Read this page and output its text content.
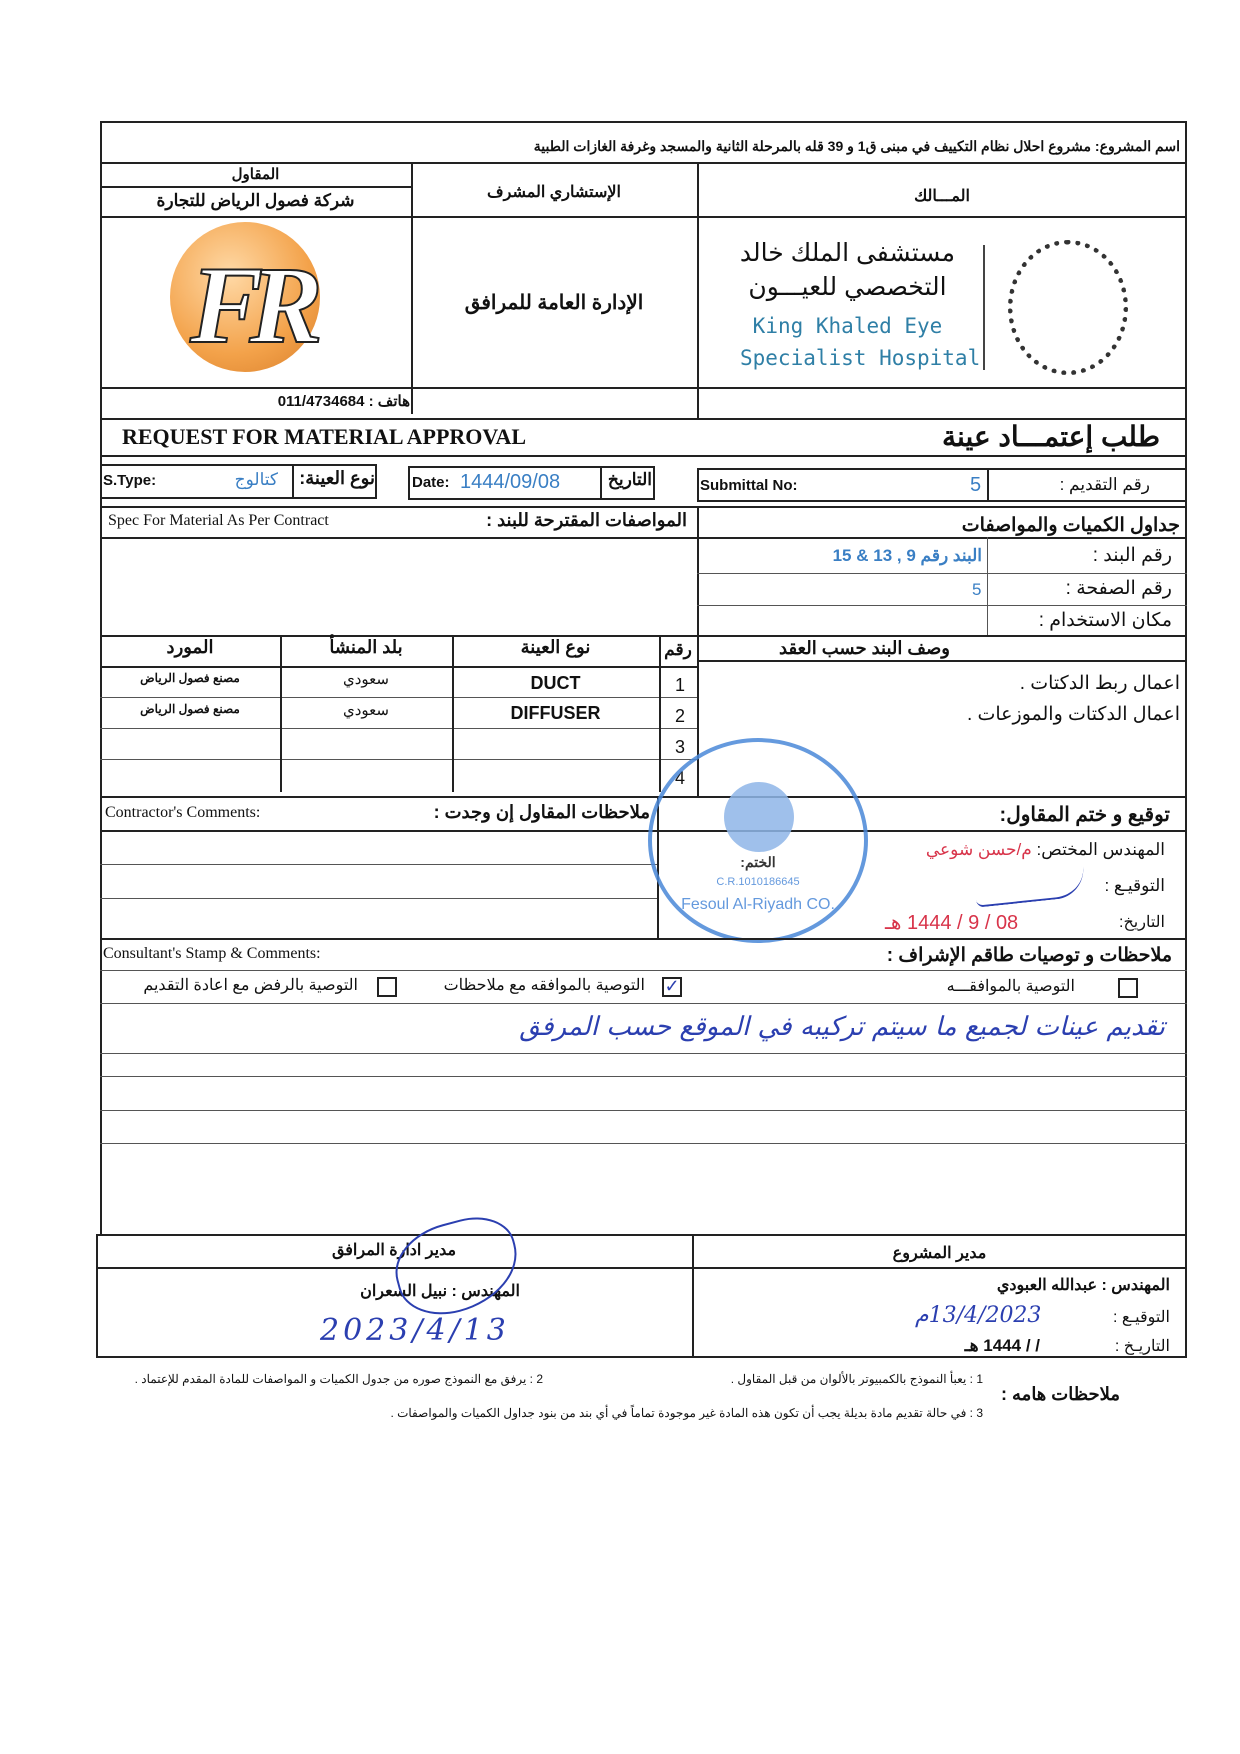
اسم المشروع: مشروع احلال نظام التكييف في مبنى ق1 و 39 قله بالمرحلة الثانية والمسجد وغرفة الغازات الطبية
المقاول
شركة فصول الرياض للتجارة	الإستشاري المشرف	المـــالك
FR
هاتف : 011/4734684
الإدارة العامة للمرافق
مستشفى الملك خالد
التخصصي للعيـــون
King Khaled Eye
Specialist Hospital
REQUEST FOR MATERIAL APPROVAL	طلب إعتمـــاد عينة
S.Type:	كتالوج نوع العينة: Date: 1444/09/08	التاريخ	Submittal No:	5	رقم التقديم :
Spec For Material As Per Contract	المواصفات المقترحة للبند :	جداول الكميات والمواصفات
رقم البند :
البند رقم 9 , 13 & 15
رقم الصفحة :
5
مكان الاستخدام :
المورد	بلد المنشأ	نوع العينة	رقم	وصف البند حسب العقد
مصنع فصول الرياض	سعودي	DUCT	1	اعمال ربط الدكتات .
مصنع فصول الرياض	سعودي	DIFFUSER	2	اعمال الدكتات والموزعات .
3
4
Contractor's Comments:	ملاحظات المقاول إن وجدت :	توقيع و ختم المقاول:
المهندس المختص: م/حسن شوعي
التوقيـع :
التاريخ:
08 / 9 / 1444 هـ
الختم:
C.R.1010186645
Fesoul Al-Riyadh CO.
Consultant's Stamp & Comments:	ملاحظات و توصيات طاقم الإشراف :
التوصية بالموافقـــه
✓
التوصية بالموافقه مع ملاحظات
التوصية بالرفض مع اعادة التقديم
تقديم عينات لجميع ما سيتم تركيبه في الموقع حسب المرفق
مدير المشروع
مدير ادارة المرافق
المهندس : عبدالله العبودي
التوقيـع :
13/4/2023م
التاريـخ :
/ / 1444 هـ
المهندس : نبيل السعران
2023/4/13
ملاحظات هامه :
1 : يعبأ النموذج بالكمبيوتر بالألوان من قبل المقاول .
2 : يرفق مع النموذج صوره من جدول الكميات و المواصفات للمادة المقدم للإعتماد .
3 : في حالة تقديم مادة بديلة يجب أن تكون هذه المادة غير موجودة تماماً في أي بند من بنود جداول الكميات والمواصفات .
